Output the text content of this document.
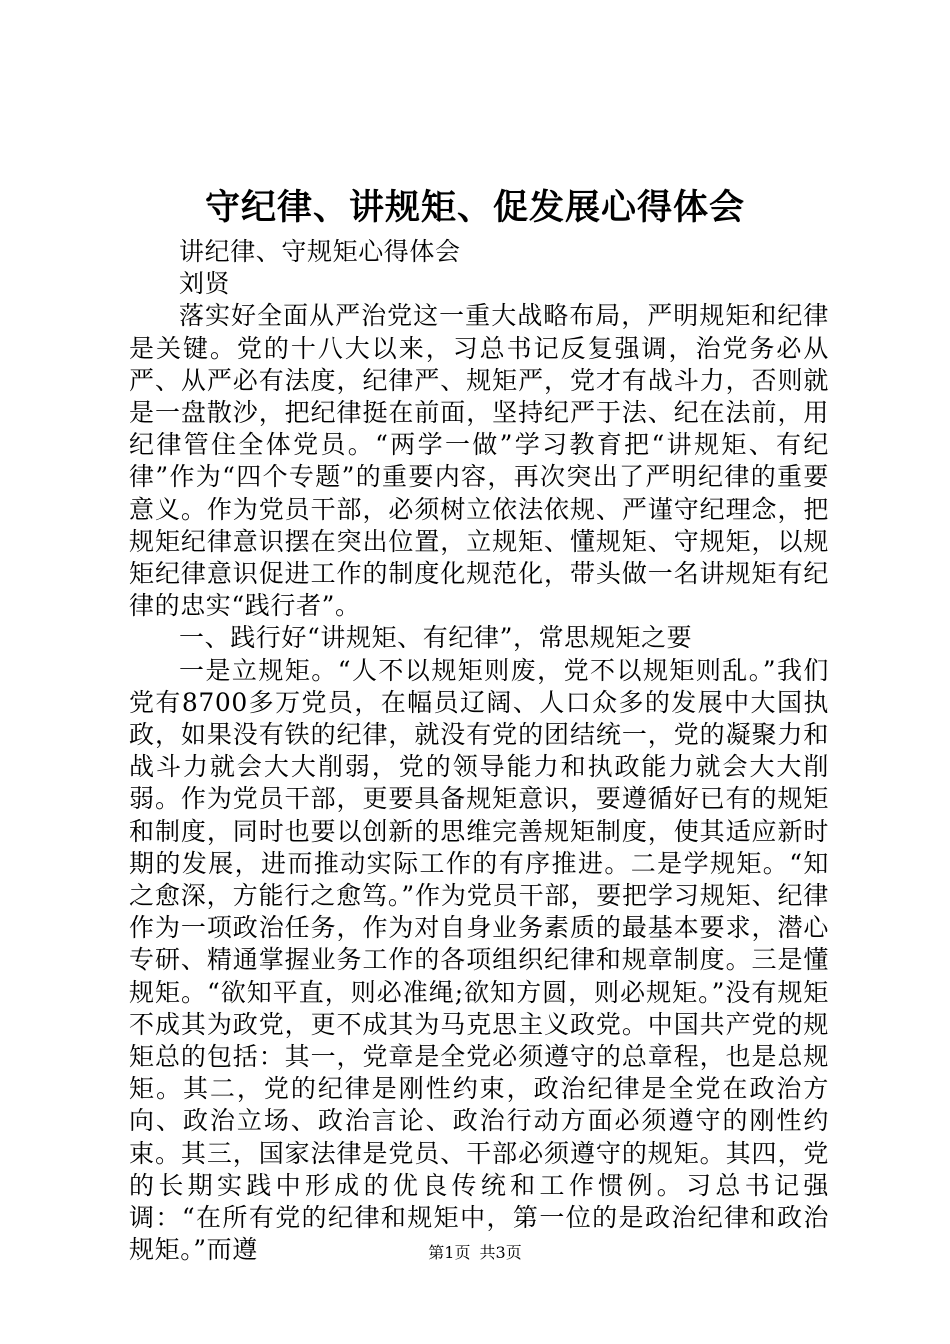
守纪律、讲规矩、促发展心得体会

讲纪律、守规矩心得体会

刘贤

落实好全面从严治党这一重大战略布局，严明规矩和纪律是关键。党的十八大以来，习总书记反复强调，治党务必从严、从严必有法度，纪律严、规矩严，党才有战斗力，否则就是一盘散沙，把纪律挺在前面，坚持纪严于法、纪在法前，用纪律管住全体党员。“两学一做”学习教育把“讲规矩、有纪律”作为“四个专题”的重要内容，再次突出了严明纪律的重要意义。作为党员干部，必须树立依法依规、严谨守纪理念，把规矩纪律意识摆在突出位置，立规矩、懂规矩、守规矩，以规矩纪律意识促进工作的制度化规范化，带头做一名讲规矩有纪律的忠实“践行者”。

一、践行好“讲规矩、有纪律”，常思规矩之要

一是立规矩。“人不以规矩则废，党不以规矩则乱。”我们党有8700多万党员，在幅员辽阔、人口众多的发展中大国执政，如果没有铁的纪律，就没有党的团结统一，党的凝聚力和战斗力就会大大削弱，党的领导能力和执政能力就会大大削弱。作为党员干部，更要具备规矩意识，要遵循好已有的规矩和制度，同时也要以创新的思维完善规矩制度，使其适应新时期的发展，进而推动实际工作的有序推进。二是学规矩。“知之愈深，方能行之愈笃。”作为党员干部，要把学习规矩、纪律作为一项政治任务，作为对自身业务素质的最基本要求，潜心专研、精通掌握业务工作的各项组织纪律和规章制度。三是懂规矩。“欲知平直，则必准绳;欲知方圆，则必规矩。”没有规矩不成其为政党，更不成其为马克思主义政党。中国共产党的规矩总的包括：其一，党章是全党必须遵守的总章程，也是总规矩。其二，党的纪律是刚性约束，政治纪律是全党在政治方向、政治立场、政治言论、政治行动方面必须遵守的刚性约束。其三，国家法律是党员、干部必须遵守的规矩。其四，党的长期实践中形成的优良传统和工作惯例。习总书记强调：“在所有党的纪律和规矩中，第一位的是政治纪律和政治规矩。”而遵	第1页 共3页
